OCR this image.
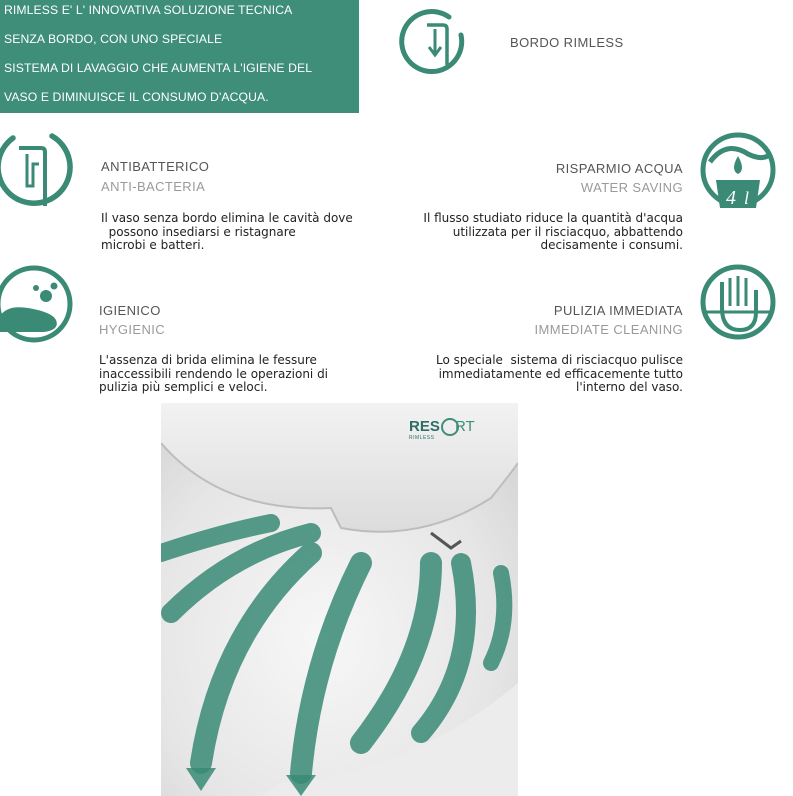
RIMLESS E' L' INNOVATIVA SOLUZIONE TECNICA
SENZA BORDO, CON UNO SPECIALE
SISTEMA DI LAVAGGIO CHE AUMENTA L'IGIENE DEL
VASO E DIMINUISCE IL CONSUMO D'ACQUA.
BORDO RIMLESS
ANTIBATTERICO
ANTI-BACTERIA
Il vaso senza bordo elimina le cavità dove
possono insediarsi e ristagnare
microbi e batteri.
4 l
RISPARMIO ACQUA
WATER SAVING
Il flusso studiato riduce la quantità d'acqua
utilizzata per il risciacquo, abbattendo
decisamente i consumi.
IGIENICO
HYGIENIC
L'assenza di brida elimina le fessure
inaccessibili rendendo le operazioni di
pulizia più semplici e veloci.
PULIZIA IMMEDIATA
IMMEDIATE CLEANING
Lo speciale  sistema di risciacquo pulisce
immediatamente ed efficacemente tutto
l'interno del vaso.
RES RT
RIMLESS
